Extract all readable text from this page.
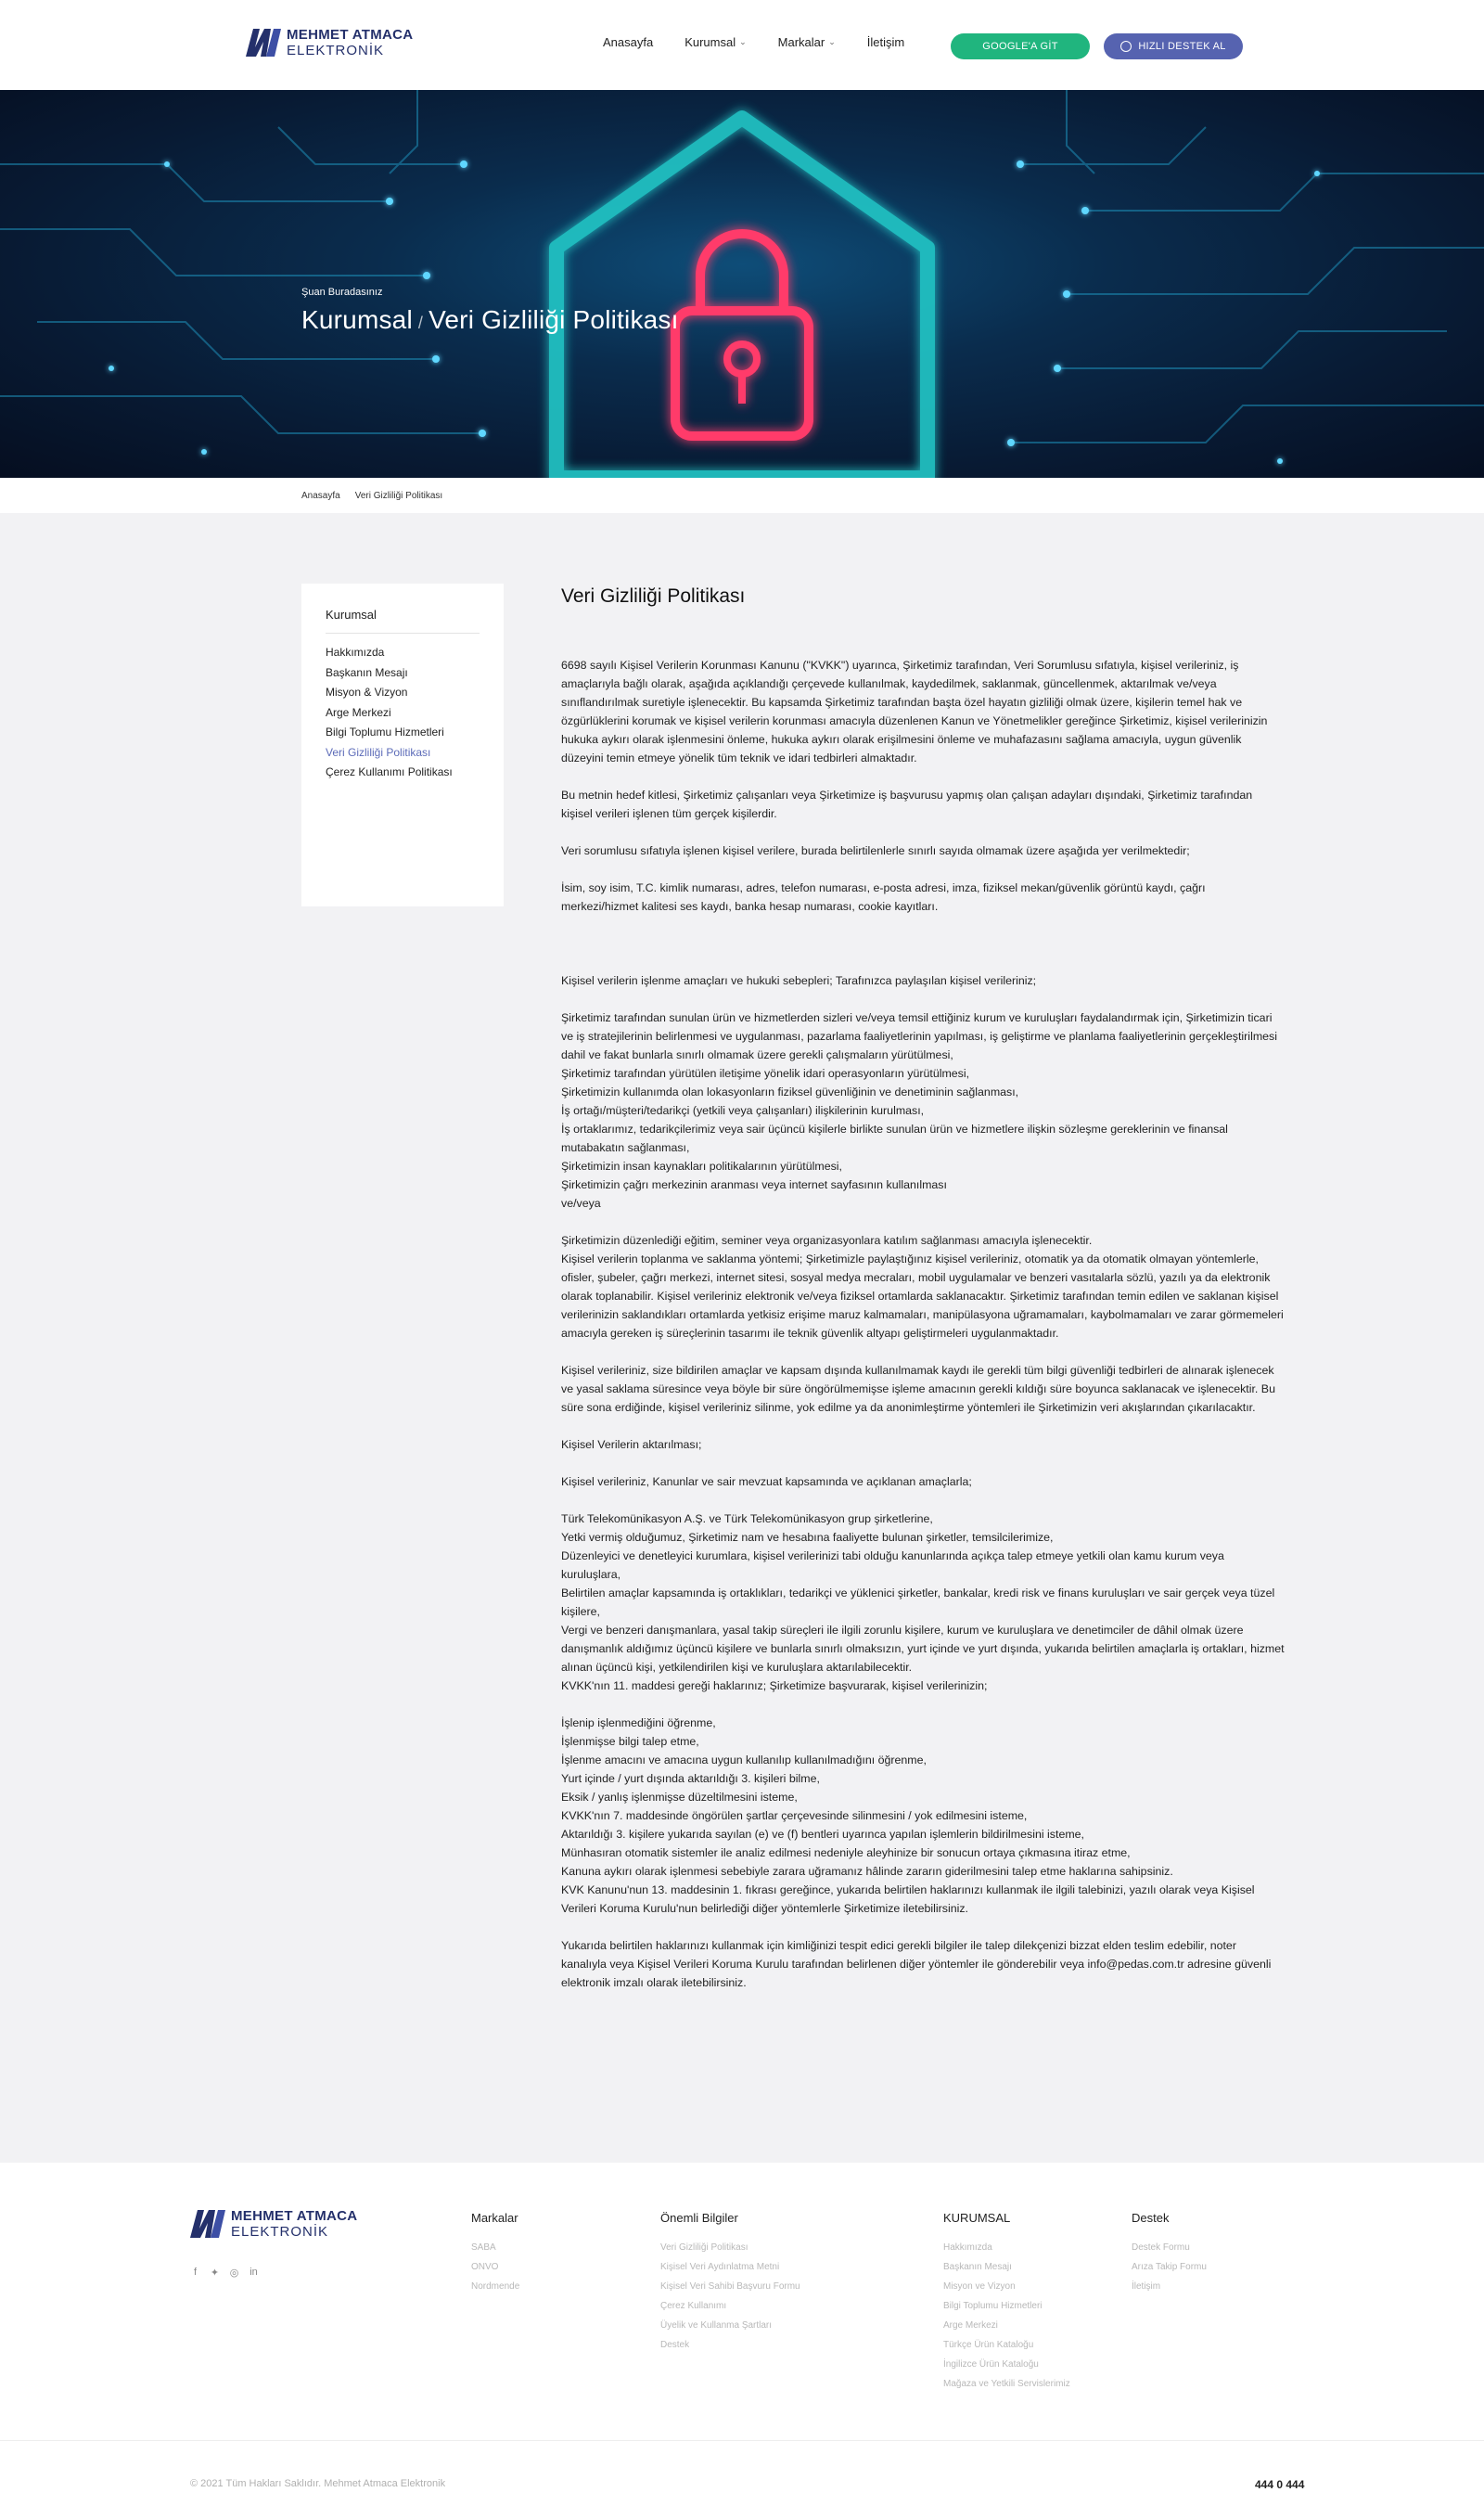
MEHMET ATMACA
ELEKTRONİK
Anasayfa	Kurumsal ⌄	Markalar ⌄	İletişim	GOOGLE'A GİT	HIZLI DESTEK AL
Şuan Buradasınız
Kurumsal / Veri Gizliliği Politikası
Anasayfa Veri Gizliliği Politikası
Kurumsal
Hakkımızda
Başkanın Mesajı
Misyon & Vizyon
Arge Merkezi
Bilgi Toplumu Hizmetleri
Veri Gizliliği Politikası
Çerez Kullanımı Politikası
Veri Gizliliği Politikası

6698 sayılı Kişisel Verilerin Korunması Kanunu ("KVKK") uyarınca, Şirketimiz tarafından, Veri Sorumlusu sıfatıyla, kişisel verileriniz, iş amaçlarıyla bağlı olarak, aşağıda açıklandığı çerçevede kullanılmak, kaydedilmek, saklanmak, güncellenmek, aktarılmak ve/veya sınıflandırılmak suretiyle işlenecektir. Bu kapsamda Şirketimiz tarafından başta özel hayatın gizliliği olmak üzere, kişilerin temel hak ve özgürlüklerini korumak ve kişisel verilerin korunması amacıyla düzenlenen Kanun ve Yönetmelikler gereğince Şirketimiz, kişisel verilerinizin hukuka aykırı olarak işlenmesini önleme, hukuka aykırı olarak erişilmesini önleme ve muhafazasını sağlama amacıyla, uygun güvenlik düzeyini temin etmeye yönelik tüm teknik ve idari tedbirleri almaktadır.

Bu metnin hedef kitlesi, Şirketimiz çalışanları veya Şirketimize iş başvurusu yapmış olan çalışan adayları dışındaki, Şirketimiz tarafından kişisel verileri işlenen tüm gerçek kişilerdir.

Veri sorumlusu sıfatıyla işlenen kişisel verilere, burada belirtilenlerle sınırlı sayıda olmamak üzere aşağıda yer verilmektedir;

İsim, soy isim, T.C. kimlik numarası, adres, telefon numarası, e-posta adresi, imza, fiziksel mekan/güvenlik görüntü kaydı, çağrı merkezi/hizmet kalitesi ses kaydı, banka hesap numarası, cookie kayıtları.

Kişisel verilerin işlenme amaçları ve hukuki sebepleri; Tarafınızca paylaşılan kişisel verileriniz;

Şirketimiz tarafından sunulan ürün ve hizmetlerden sizleri ve/veya temsil ettiğiniz kurum ve kuruluşları faydalandırmak için, Şirketimizin ticari ve iş stratejilerinin belirlenmesi ve uygulanması, pazarlama faaliyetlerinin yapılması, iş geliştirme ve planlama faaliyetlerinin gerçekleştirilmesi dahil ve fakat bunlarla sınırlı olmamak üzere gerekli çalışmaların yürütülmesi,
Şirketimiz tarafından yürütülen iletişime yönelik idari operasyonların yürütülmesi,
Şirketimizin kullanımda olan lokasyonların fiziksel güvenliğinin ve denetiminin sağlanması,
İş ortağı/müşteri/tedarikçi (yetkili veya çalışanları) ilişkilerinin kurulması,
İş ortaklarımız, tedarikçilerimiz veya sair üçüncü kişilerle birlikte sunulan ürün ve hizmetlere ilişkin sözleşme gereklerinin ve finansal mutabakatın sağlanması,
Şirketimizin insan kaynakları politikalarının yürütülmesi,
Şirketimizin çağrı merkezinin aranması veya internet sayfasının kullanılması
ve/veya

Şirketimizin düzenlediği eğitim, seminer veya organizasyonlara katılım sağlanması amacıyla işlenecektir.
Kişisel verilerin toplanma ve saklanma yöntemi; Şirketimizle paylaştığınız kişisel verileriniz, otomatik ya da otomatik olmayan yöntemlerle, ofisler, şubeler, çağrı merkezi, internet sitesi, sosyal medya mecraları, mobil uygulamalar ve benzeri vasıtalarla sözlü, yazılı ya da elektronik olarak toplanabilir. Kişisel verileriniz elektronik ve/veya fiziksel ortamlarda saklanacaktır. Şirketimiz tarafından temin edilen ve saklanan kişisel verilerinizin saklandıkları ortamlarda yetkisiz erişime maruz kalmamaları, manipülasyona uğramamaları, kaybolmamaları ve zarar görmemeleri amacıyla gereken iş süreçlerinin tasarımı ile teknik güvenlik altyapı geliştirmeleri uygulanmaktadır.

Kişisel verileriniz, size bildirilen amaçlar ve kapsam dışında kullanılmamak kaydı ile gerekli tüm bilgi güvenliği tedbirleri de alınarak işlenecek ve yasal saklama süresince veya böyle bir süre öngörülmemişse işleme amacının gerekli kıldığı süre boyunca saklanacak ve işlenecektir. Bu süre sona erdiğinde, kişisel verileriniz silinme, yok edilme ya da anonimleştirme yöntemleri ile Şirketimizin veri akışlarından çıkarılacaktır.

Kişisel Verilerin aktarılması;

Kişisel verileriniz, Kanunlar ve sair mevzuat kapsamında ve açıklanan amaçlarla;

Türk Telekomünikasyon A.Ş. ve Türk Telekomünikasyon grup şirketlerine,
Yetki vermiş olduğumuz, Şirketimiz nam ve hesabına faaliyette bulunan şirketler, temsilcilerimize,
Düzenleyici ve denetleyici kurumlara, kişisel verilerinizi tabi olduğu kanunlarında açıkça talep etmeye yetkili olan kamu kurum veya kuruluşlara,
Belirtilen amaçlar kapsamında iş ortaklıkları, tedarikçi ve yüklenici şirketler, bankalar, kredi risk ve finans kuruluşları ve sair gerçek veya tüzel kişilere,
Vergi ve benzeri danışmanlara, yasal takip süreçleri ile ilgili zorunlu kişilere, kurum ve kuruluşlara ve denetimciler de dâhil olmak üzere danışmanlık aldığımız üçüncü kişilere ve bunlarla sınırlı olmaksızın, yurt içinde ve yurt dışında, yukarıda belirtilen amaçlarla iş ortakları, hizmet alınan üçüncü kişi, yetkilendirilen kişi ve kuruluşlara aktarılabilecektir.
KVKK'nın 11. maddesi gereği haklarınız; Şirketimize başvurarak, kişisel verilerinizin;

İşlenip işlenmediğini öğrenme,
İşlenmişse bilgi talep etme,
İşlenme amacını ve amacına uygun kullanılıp kullanılmadığını öğrenme,
Yurt içinde / yurt dışında aktarıldığı 3. kişileri bilme,
Eksik / yanlış işlenmişse düzeltilmesini isteme,
KVKK'nın 7. maddesinde öngörülen şartlar çerçevesinde silinmesini / yok edilmesini isteme,
Aktarıldığı 3. kişilere yukarıda sayılan (e) ve (f) bentleri uyarınca yapılan işlemlerin bildirilmesini isteme,
Münhasıran otomatik sistemler ile analiz edilmesi nedeniyle aleyhinize bir sonucun ortaya çıkmasına itiraz etme,
Kanuna aykırı olarak işlenmesi sebebiyle zarara uğramanız hâlinde zararın giderilmesini talep etme haklarına sahipsiniz.
KVK Kanunu'nun 13. maddesinin 1. fıkrası gereğince, yukarıda belirtilen haklarınızı kullanmak ile ilgili talebinizi, yazılı olarak veya Kişisel Verileri Koruma Kurulu'nun belirlediği diğer yöntemlerle Şirketimize iletebilirsiniz.

Yukarıda belirtilen haklarınızı kullanmak için kimliğinizi tespit edici gerekli bilgiler ile talep dilekçenizi bizzat elden teslim edebilir, noter kanalıyla veya Kişisel Verileri Koruma Kurulu tarafından belirlenen diğer yöntemler ile gönderebilir veya info@pedas.com.tr adresine güvenli elektronik imzalı olarak iletebilirsiniz.

MEHMET ATMACA
ELEKTRONİK
f	✦ ◎ in
Markalar
SABA
ONVO
Nordmende
Önemli Bilgiler
Veri Gizliliği Politikası
Kişisel Veri Aydınlatma Metni
Kişisel Veri Sahibi Başvuru Formu
Çerez Kullanımı
Üyelik ve Kullanma Şartları
Destek
KURUMSAL
Hakkımızda
Başkanın Mesajı
Misyon ve Vizyon
Bilgi Toplumu Hizmetleri
Arge Merkezi
Türkçe Ürün Kataloğu
İngilizce Ürün Kataloğu
Mağaza ve Yetkili Servislerimiz
Destek
Destek Formu
Arıza Takip Formu
İletişim
© 2021 Tüm Hakları Saklıdır. Mehmet Atmaca Elektronik	444 0 444
